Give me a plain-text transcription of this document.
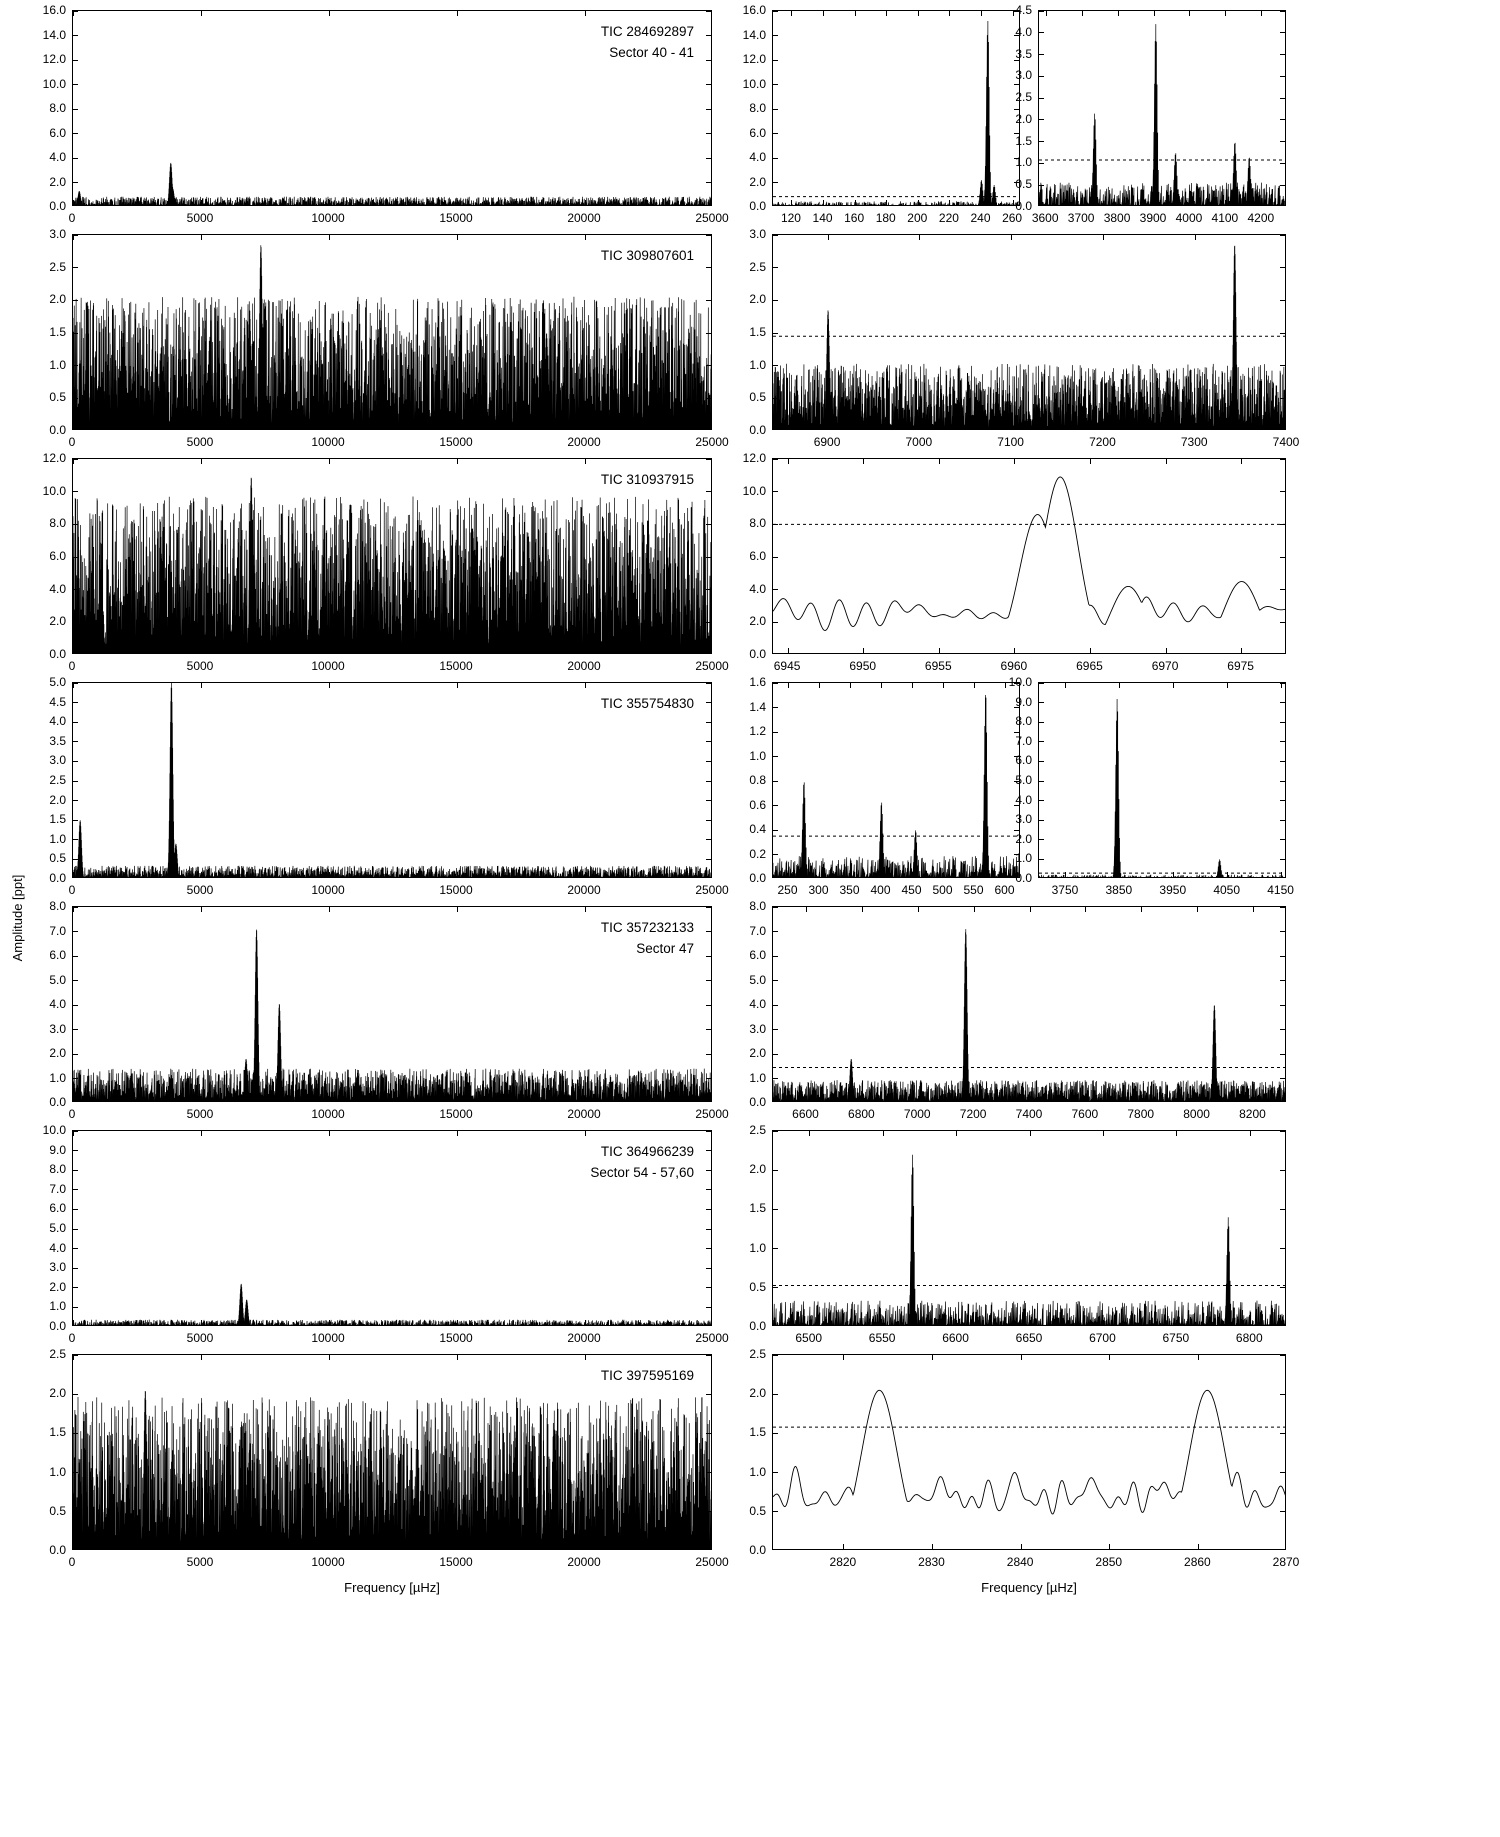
Amplitude [ppt]
0	5000	10000	15000	20000	25000
0.0
2.0
4.0
6.0
8.0
10.0
12.0
14.0
16.0
TIC 284692897
Sector 40 - 41
120 140 160 180 200 220 240 260
0.0
2.0
4.0
6.0
8.0
10.0
12.0
14.0
16.0
3600 3700 3800 3900 4000 4100 4200
0.0
0.5
1.0
1.5
2.0
2.5
3.0
3.5
4.0
4.5
0	5000	10000	15000	20000	25000
0.0
0.5
1.0
1.5
2.0
2.5
3.0
TIC 309807601
6900	7000	7100	7200	7300	7400
0.0
0.5
1.0
1.5
2.0
2.5
3.0
0	5000	10000	15000	20000	25000
0.0
2.0
4.0
6.0
8.0
10.0
12.0
TIC 310937915
6945	6950	6955	6960	6965	6970	6975
0.0
2.0
4.0
6.0
8.0
10.0
12.0
0	5000	10000	15000	20000	25000
0.0
0.5
1.0
1.5
2.0
2.5
3.0
3.5
4.0
4.5
5.0
TIC 355754830
250 300 350 400 450 500 550 600
0.0
0.2
0.4
0.6
0.8
1.0
1.2
1.4
1.6
3750 3850 3950 4050 4150
0.0
1.0
2.0
3.0
4.0
5.0
6.0
7.0
8.0
9.0
10.0
0	5000	10000	15000	20000	25000
0.0
1.0
2.0
3.0
4.0
5.0
6.0
7.0
8.0
TIC 357232133
Sector 47
6600 6800 7000 7200 7400 7600 7800 8000 8200
0.0
1.0
2.0
3.0
4.0
5.0
6.0
7.0
8.0
0	5000	10000	15000	20000	25000
0.0
1.0
2.0
3.0
4.0
5.0
6.0
7.0
8.0
9.0
10.0
TIC 364966239
Sector 54 - 57,60
6500	6550	6600	6650	6700	6750	6800
0.0
0.5
1.0
1.5
2.0
2.5
0	5000	10000	15000	20000	25000
0.0
0.5
1.0
1.5
2.0
2.5
TIC 397595169
2820	2830	2840	2850	2860	2870
0.0
0.5
1.0
1.5
2.0
2.5
Frequency [µHz]	Frequency [µHz]
